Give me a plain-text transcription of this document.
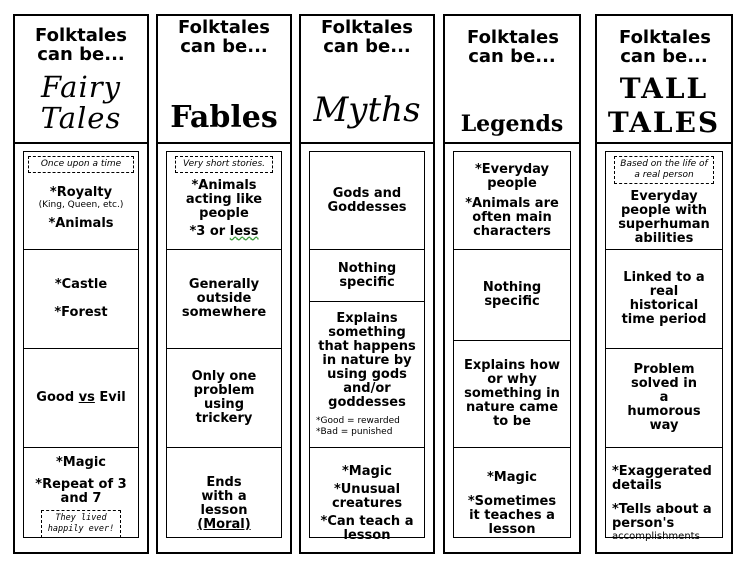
Folktales can be...
Fairy
Tales
Once upon a time
*Royalty
(King, Queen, etc.)
*Animals
*Castle
*Forest
Good vs Evil
*Magic
*Repeat of 3
and 7
They lived
happily ever!
Folktales can be...
Fables
Very short stories.
*Animals acting like people
*3 or less
Generally outside somewhere
Only one problem using trickery
Ends with a lesson
(Moral)
Folktales can be...
Myths
Gods and Goddesses
Nothing specific
Explains something that happens in nature by using gods and/or goddesses
*Good = rewarded
*Bad = punished
*Magic
*Unusual creatures
*Can teach a lesson
Folktales can be...
Legends
*Everyday people
*Animals are often main characters
Nothing specific
Explains how or why something in nature came to be
*Magic
*Sometimes it teaches a lesson
Folktales can be...
TALL
TALES
Based on the life of a real person
Everyday people with superhuman abilities
Linked to a real historical time period
Problem solved in a humorous way
*Exaggerated details
*Tells about a person's
accomplishments
